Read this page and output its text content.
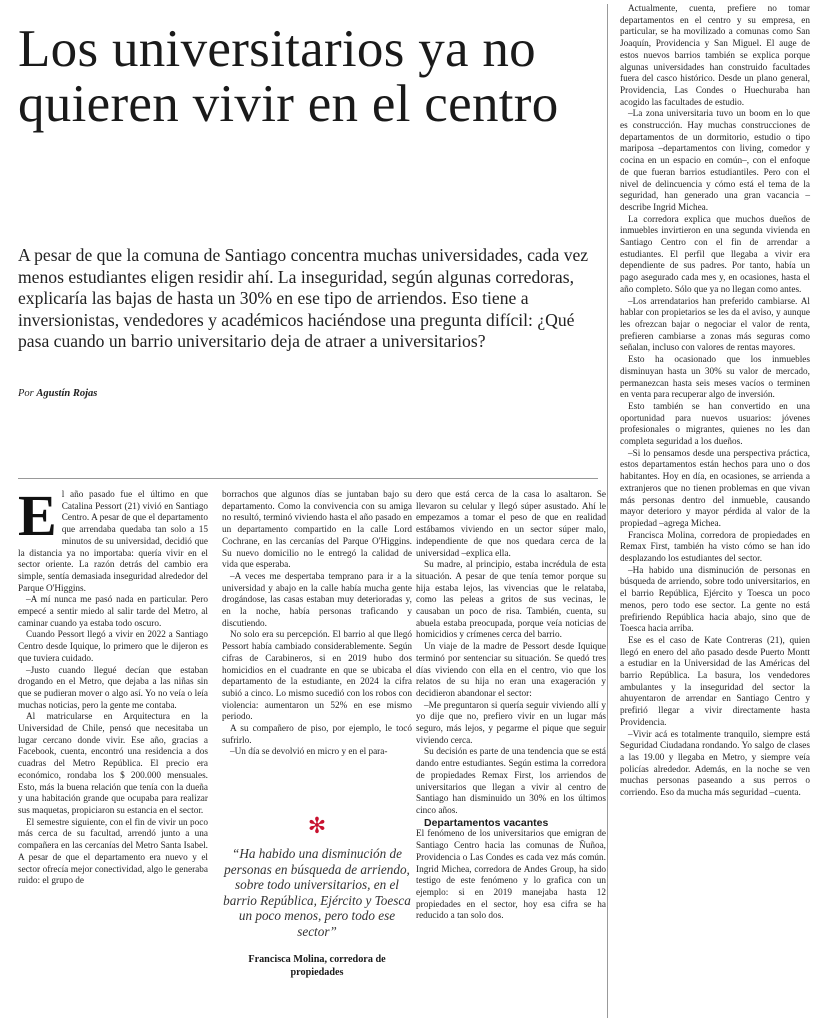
Los universitarios ya no quieren vivir en el centro

A pesar de que la comuna de Santiago concentra muchas universidades, cada vez menos estudiantes eligen residir ahí. La inseguridad, según algunas corredoras, explicaría las bajas de hasta un 30% en ese tipo de arriendos. Eso tiene a inversionistas, vendedores y académicos haciéndose una pregunta difícil: ¿Qué pasa cuando un barrio universitario deja de atraer a universitarios?

Por Agustín Rojas

El año pasado fue el último en que Catalina Pessort (21) vivió en Santiago Centro. A pesar de que el departamento que arrendaba quedaba tan solo a 15 minutos de su universidad, decidió que la distancia ya no importaba: quería vivir en el sector oriente. La razón detrás del cambio era simple, sentía demasiada inseguridad alrededor del Parque O'Higgins.

–A mí nunca me pasó nada en particular. Pero empecé a sentir miedo al salir tarde del Metro, al caminar cuando ya estaba todo oscuro.

Cuando Pessort llegó a vivir en 2022 a Santiago Centro desde Iquique, lo primero que le dijeron es que tuviera cuidado.

–Justo cuando llegué decían que estaban drogando en el Metro, que dejaba a las niñas sin que se pudieran mover o algo así. Yo no veía o leía muchas noticias, pero la gente me contaba.

Al matricularse en Arquitectura en la Universidad de Chile, pensó que necesitaba un lugar cercano donde vivir. Ese año, gracias a Facebook, cuenta, encontró una residencia a dos cuadras del Metro República. El precio era económico, rondaba los $ 200.000 mensuales. Esto, más la buena relación que tenía con la dueña y una habitación grande que ocupaba para realizar sus maquetas, propiciaron su estancia en el sector.

El semestre siguiente, con el fin de vivir un poco más cerca de su facultad, arrendó junto a una compañera en las cercanías del Metro Santa Isabel. A pesar de que el departamento era nuevo y el sector ofrecía mejor conectividad, algo le generaba ruido: el grupo de

borrachos que algunos días se juntaban bajo su departamento. Como la convivencia con su amiga no resultó, terminó viviendo hasta el año pasado en un departamento compartido en la calle Lord Cochrane, en las cercanías del Parque O'Higgins. Su nuevo domicilio no le entregó la calidad de vida que esperaba.

–A veces me despertaba temprano para ir a la universidad y abajo en la calle había mucha gente drogándose, las casas estaban muy deterioradas y, en la noche, había personas traficando y discutiendo.

No solo era su percepción. El barrio al que llegó Pessort había cambiado considerablemente. Según cifras de Carabineros, si en 2019 hubo dos homicidios en el cuadrante en que se ubicaba el departamento de la estudiante, en 2024 la cifra subió a cinco. Lo mismo sucedió con los robos con violencia: aumentaron un 52% en ese mismo periodo.

A su compañero de piso, por ejemplo, le tocó sufrirlo.

–Un día se devolvió en micro y en el para-

✻
“Ha habido una disminución de personas en búsqueda de arriendo, sobre todo universitarios, en el barrio República, Ejército y Toesca un poco menos, pero todo ese sector”
Francisca Molina, corredora de propiedades

dero que está cerca de la casa lo asaltaron. Se llevaron su celular y llegó súper asustado. Ahí le empezamos a tomar el peso de que en realidad estábamos viviendo en un sector súper malo, independiente de que nos quedara cerca de la universidad –explica ella.

Su madre, al principio, estaba incrédula de esta situación. A pesar de que tenía temor porque su hija estaba lejos, las vivencias que le relataba, como las peleas a gritos de sus vecinas, le causaban un poco de risa. También, cuenta, su abuela estaba preocupada, porque veía noticias de homicidios y crímenes cerca del barrio.

Un viaje de la madre de Pessort desde Iquique terminó por sentenciar su situación. Se quedó tres días viviendo con ella en el centro, vio que los relatos de su hija no eran una exageración y decidieron abandonar el sector:

–Me preguntaron si quería seguir viviendo allí y yo dije que no, prefiero vivir en un lugar más seguro, más lejos, y pegarme el pique que seguir viviendo cerca.

Su decisión es parte de una tendencia que se está dando entre estudiantes. Según estima la corredora de propiedades Remax First, los arriendos de universitarios que llegan a vivir al centro de Santiago han disminuido un 30% en los últimos cinco años.

Departamentos vacantes

El fenómeno de los universitarios que emigran de Santiago Centro hacia las comunas de Ñuñoa, Providencia o Las Condes es cada vez más común. Ingrid Michea, corredora de Andes Group, ha sido testigo de este fenómeno y lo grafica con un ejemplo: si en 2019 manejaba hasta 12 propiedades en el sector, hoy esa cifra se ha reducido a tan solo dos.

Actualmente, cuenta, prefiere no tomar departamentos en el centro y su empresa, en particular, se ha movilizado a comunas como San Joaquín, Providencia y San Miguel. El auge de estos nuevos barrios también se explica porque algunas universidades han construido facultades fuera del casco histórico. Desde un plano general, Providencia, Las Condes o Huechuraba han acogido las facultades de estudio.

–La zona universitaria tuvo un boom en lo que es construcción. Hay muchas construcciones de departamentos de un dormitorio, estudio o tipo mariposa –departamentos con living, comedor y cocina en un espacio en común–, con el enfoque de que fueran barrios estudiantiles. Pero con el nivel de delincuencia y cómo está el tema de la seguridad, han generado una gran vacancia –describe Ingrid Michea.

La corredora explica que muchos dueños de inmuebles invirtieron en una segunda vivienda en Santiago Centro con el fin de arrendar a estudiantes. El perfil que llegaba a vivir era dependiente de sus padres. Por tanto, había un pago asegurado cada mes y, en ocasiones, hasta el año completo. Sólo que ya no llegan como antes.

–Los arrendatarios han preferido cambiarse. Al hablar con propietarios se les da el aviso, y aunque les ofrezcan bajar o negociar el valor de renta, prefieren cambiarse a zonas más seguras como señalan, incluso con valores de rentas mayores.

Esto ha ocasionado que los inmuebles disminuyan hasta un 30% su valor de mercado, permanezcan hasta seis meses vacíos o terminen en venta para recuperar algo de inversión.

Esto también se han convertido en una oportunidad para nuevos usuarios: jóvenes profesionales o migrantes, quienes no les dan completa seguridad a los dueños.

–Si lo pensamos desde una perspectiva práctica, estos departamentos están hechos para uno o dos habitantes. Hoy en día, en ocasiones, se arrienda a extranjeros que no tienen problemas en que vivan más personas dentro del inmueble, causando mayor deterioro y mayor pérdida al valor de la propiedad –agrega Michea.

Francisca Molina, corredora de propiedades en Remax First, también ha visto cómo se han ido desplazando los estudiantes del sector.

–Ha habido una disminución de personas en búsqueda de arriendo, sobre todo universitarios, en el barrio República, Ejército y Toesca un poco menos, pero todo ese sector. La gente no está prefiriendo República hacia abajo, sino que de Toesca hacia arriba.

Ese es el caso de Kate Contreras (21), quien llegó en enero del año pasado desde Puerto Montt a estudiar en la Universidad de las Américas del barrio República. La basura, los vendedores ambulantes y la inseguridad del sector la ahuyentaron de arrendar en Santiago Centro y prefirió llegar a vivir directamente hasta Providencia.

–Vivir acá es totalmente tranquilo, siempre está Seguridad Ciudadana rondando. Yo salgo de clases a las 19.00 y llegaba en Metro, y siempre veía policías alrededor. Además, en la noche se ven muchas personas paseando a sus perros o corriendo. Eso da mucha más seguridad –cuenta.
